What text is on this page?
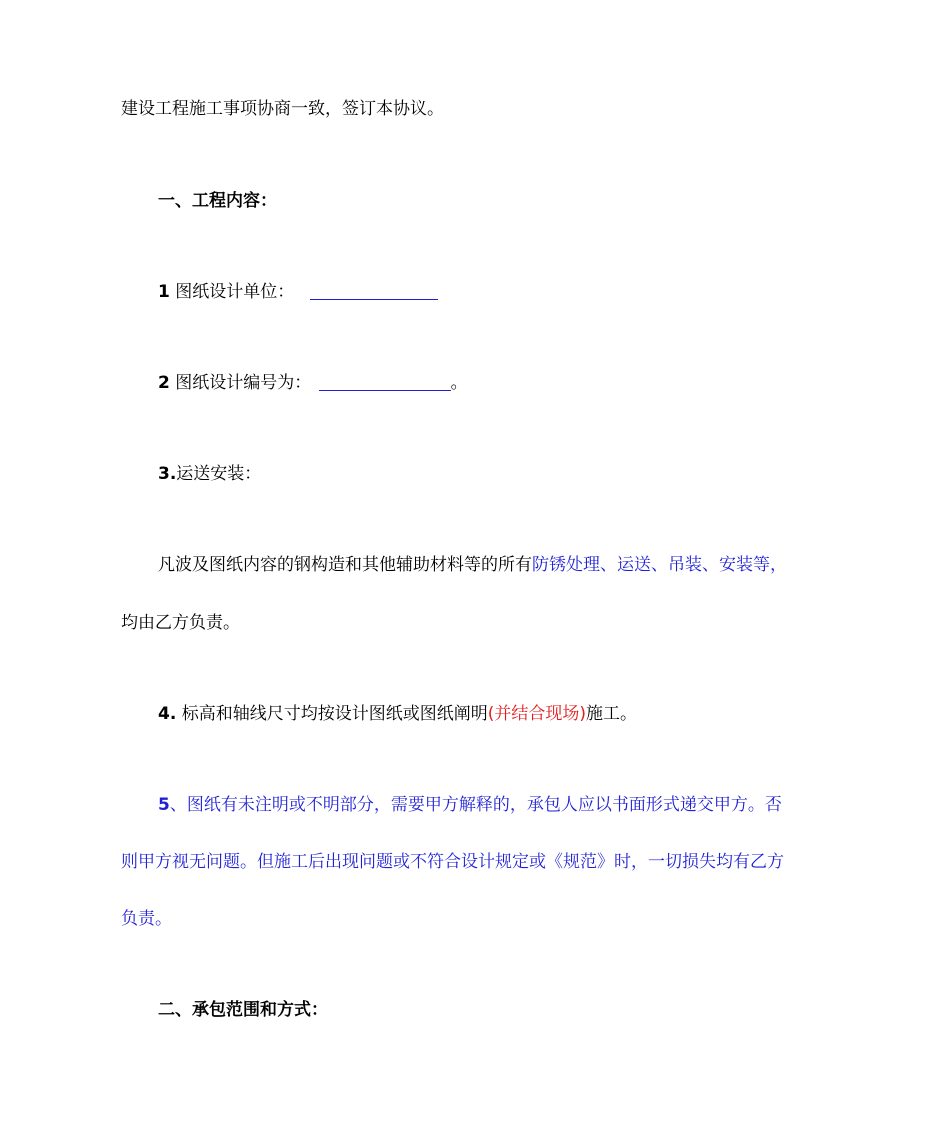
建设工程施工事项协商一致，签订本协议。
一、工程内容：
1 图纸设计单位：
2 图纸设计编号为：	。
3.运送安装：
凡波及图纸内容的钢构造和其他辅助材料等的所有防锈处理、运送、吊装、安装等，
均由乙方负责。
4. 标高和轴线尺寸均按设计图纸或图纸阐明(并结合现场)施工。
5、图纸有未注明或不明部分，需要甲方解释的，承包人应以书面形式递交甲方。否
则甲方视无问题。但施工后出现问题或不符合设计规定或《规范》时，一切损失均有乙方
负责。
二、承包范围和方式：
